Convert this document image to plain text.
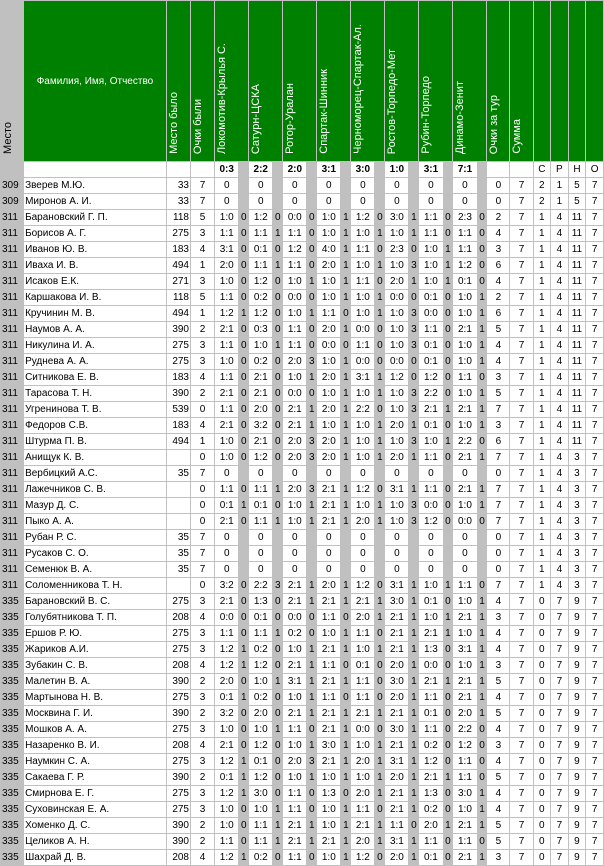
Место	Фамилия, Имя, Отчество	Место было	Очки были	Локомотив-Крылья С.		Сатурн-ЦСКА		Ротор-Уралан		Спартак-Шинник		Черноморец-Спартак-Ал.		Ростов-Торпедо-Мет		Рубин-Торпедо		Динамо-Зенит		Очки за тур	Сумма				
				0:3		2:2		2:0		3:1		3:0		1:0		3:1		7:1				С	Р	Н	О
309	Зверев М.Ю.	33	7	0		0		0		0		0		0		0		0		0	7	2	1	5	7
309	Миронов А. И.	33	7	0		0		0		0		0		0		0		0		0	7	2	1	5	7
311	Барановский Г. П.	118	5	1:0	0	1:2	0	0:0	0	1:0	1	1:2	0	3:0	1	1:1	0	2:3	0	2	7	1	4	11	7
311	Борисов А. Г.	275	3	1:1	0	1:1	1	1:1	0	1:0	1	1:0	1	1:0	1	1:1	0	1:1	0	4	7	1	4	11	7
311	Иванов Ю. В.	183	4	3:1	0	0:1	0	1:2	0	4:0	1	1:1	0	2:3	0	1:0	1	1:1	0	3	7	1	4	11	7
311	Иваха И. В.	494	1	2:0	0	1:1	1	1:1	0	2:0	1	1:0	1	1:0	3	1:0	1	1:2	0	6	7	1	4	11	7
311	Исаков Е.К.	271	3	1:0	0	1:2	0	1:0	1	1:0	1	1:1	0	2:0	1	1:0	1	0:1	0	4	7	1	4	11	7
311	Каршакова И. В.	118	5	1:1	0	0:2	0	0:0	0	1:0	1	1:0	1	0:0	0	0:1	0	1:0	1	2	7	1	4	11	7
311	Кручинин М. В.	494	1	1:2	1	1:2	0	1:0	1	1:1	0	1:0	1	1:0	3	0:0	0	1:0	1	6	7	1	4	11	7
311	Наумов А. А.	390	2	2:1	0	0:3	0	1:1	0	2:0	1	0:0	0	1:0	3	1:1	0	2:1	1	5	7	1	4	11	7
311	Никулина И. А.	275	3	1:1	0	1:0	1	1:1	0	0:0	0	1:1	0	1:0	3	0:1	0	1:0	1	4	7	1	4	11	7
311	Руднева А. А.	275	3	1:0	0	0:2	0	2:0	3	1:0	1	0:0	0	0:0	0	0:1	0	1:0	1	4	7	1	4	11	7
311	Ситникова Е. В.	183	4	1:1	0	2:1	0	1:0	1	2:0	1	3:1	1	1:2	0	1:2	0	1:1	0	3	7	1	4	11	7
311	Тарасова Т. Н.	390	2	2:1	0	2:1	0	0:0	0	1:0	1	1:0	1	1:0	3	2:2	0	1:0	1	5	7	1	4	11	7
311	Угренинова Т. В.	539	0	1:1	0	2:0	0	2:1	1	2:0	1	2:2	0	1:0	3	2:1	1	2:1	1	7	7	1	4	11	7
311	Федоров С.В.	183	4	2:1	0	3:2	0	2:1	1	1:0	1	1:0	1	2:0	1	0:1	0	1:0	1	3	7	1	4	11	7
311	Штурма П. В.	494	1	1:0	0	2:1	0	2:0	3	2:0	1	1:0	1	1:0	3	1:0	1	2:2	0	6	7	1	4	11	7
311	Анищук К. В.		0	1:0	0	1:2	0	2:0	3	2:0	1	1:0	1	2:0	1	1:1	0	2:1	1	7	7	1	4	3	7
311	Вербицкий А.С.	35	7	0		0		0		0		0		0		0		0		0	7	1	4	3	7
311	Лажечников С. В.		0	1:1	0	1:1	1	2:0	3	2:1	1	1:2	0	3:1	1	1:1	0	2:1	1	7	7	1	4	3	7
311	Мазур Д. С.		0	0:1	1	0:1	0	1:0	1	2:1	1	1:0	1	1:0	3	0:0	0	1:0	1	7	7	1	4	3	7
311	Пыко А. А.		0	2:1	0	1:1	1	1:0	1	2:1	1	2:0	1	1:0	3	1:2	0	0:0	0	7	7	1	4	3	7
311	Рубан Р. С.	35	7	0		0		0		0		0		0		0		0		0	7	1	4	3	7
311	Русаков С. О.	35	7	0		0		0		0		0		0		0		0		0	7	1	4	3	7
311	Семенюк В. А.	35	7	0		0		0		0		0		0		0		0		0	7	1	4	3	7
311	Соломенникова Т. Н.		0	3:2	0	2:2	3	2:1	1	2:0	1	1:2	0	3:1	1	1:0	1	1:1	0	7	7	1	4	3	7
335	Барановский В. С.	275	3	2:1	0	1:3	0	2:1	1	2:1	1	2:1	1	3:0	1	0:1	0	1:0	1	4	7	0	7	9	7
335	Голубятникова Т. П.	208	4	0:0	0	0:1	0	0:0	0	1:1	0	2:0	1	2:1	1	1:0	1	2:1	1	3	7	0	7	9	7
335	Ершов Р. Ю.	275	3	1:1	0	1:1	1	0:2	0	1:0	1	1:1	0	2:1	1	2:1	1	1:0	1	4	7	0	7	9	7
335	Жариков А.И.	275	3	1:2	1	0:2	0	1:0	1	2:1	1	1:0	1	2:1	1	1:3	0	3:1	1	4	7	0	7	9	7
335	Зубакин С. В.	208	4	1:2	1	1:2	0	2:1	1	1:1	0	0:1	0	2:0	1	0:0	0	1:0	1	3	7	0	7	9	7
335	Малетин В. А.	390	2	2:0	0	1:0	1	3:1	1	2:1	1	1:1	0	3:0	1	2:1	1	2:1	1	5	7	0	7	9	7
335	Мартынова Н. В.	275	3	0:1	1	0:2	0	1:0	1	1:1	0	1:1	0	2:0	1	1:1	0	2:1	1	4	7	0	7	9	7
335	Москвина Г. И.	390	2	3:2	0	2:0	0	2:1	1	2:1	1	2:1	1	2:1	1	0:1	0	2:0	1	5	7	0	7	9	7
335	Мошков А. А.	275	3	1:0	0	1:0	1	1:1	0	2:1	1	0:0	0	3:0	1	1:1	0	2:2	0	4	7	0	7	9	7
335	Назаренко В. И.	208	4	2:1	0	1:2	0	1:0	1	3:0	1	1:0	1	2:1	1	0:2	0	1:2	0	3	7	0	7	9	7
335	Наумкин С. А.	275	3	1:2	1	0:1	0	2:0	3	2:1	1	2:0	1	3:1	1	1:2	0	1:1	0	4	7	0	7	9	7
335	Сакаева Г. Р.	390	2	0:1	1	1:2	0	1:0	1	1:0	1	1:0	1	2:0	1	2:1	1	1:1	0	5	7	0	7	9	7
335	Смирнова Е. Г.	275	3	1:2	1	3:0	0	1:1	0	1:3	0	2:0	1	2:1	1	1:3	0	3:0	1	4	7	0	7	9	7
335	Суховинская Е. А.	275	3	1:0	0	1:0	1	1:1	0	1:0	1	1:1	0	2:1	1	0:2	0	1:0	1	4	7	0	7	9	7
335	Хоменко Д. С.	390	2	1:0	0	1:1	1	2:1	1	1:0	1	2:1	1	1:1	0	2:0	1	2:1	1	5	7	0	7	9	7
335	Целиков А. Н.	390	2	1:1	0	1:1	1	2:1	1	2:1	1	2:0	1	3:1	1	1:1	0	1:1	0	5	7	0	7	9	7
335	Шахрай Д. В.	208	4	1:2	1	0:2	0	1:1	0	1:0	1	1:2	0	2:0	1	0:1	0	2:1	1	3	7	0	7	9	7
